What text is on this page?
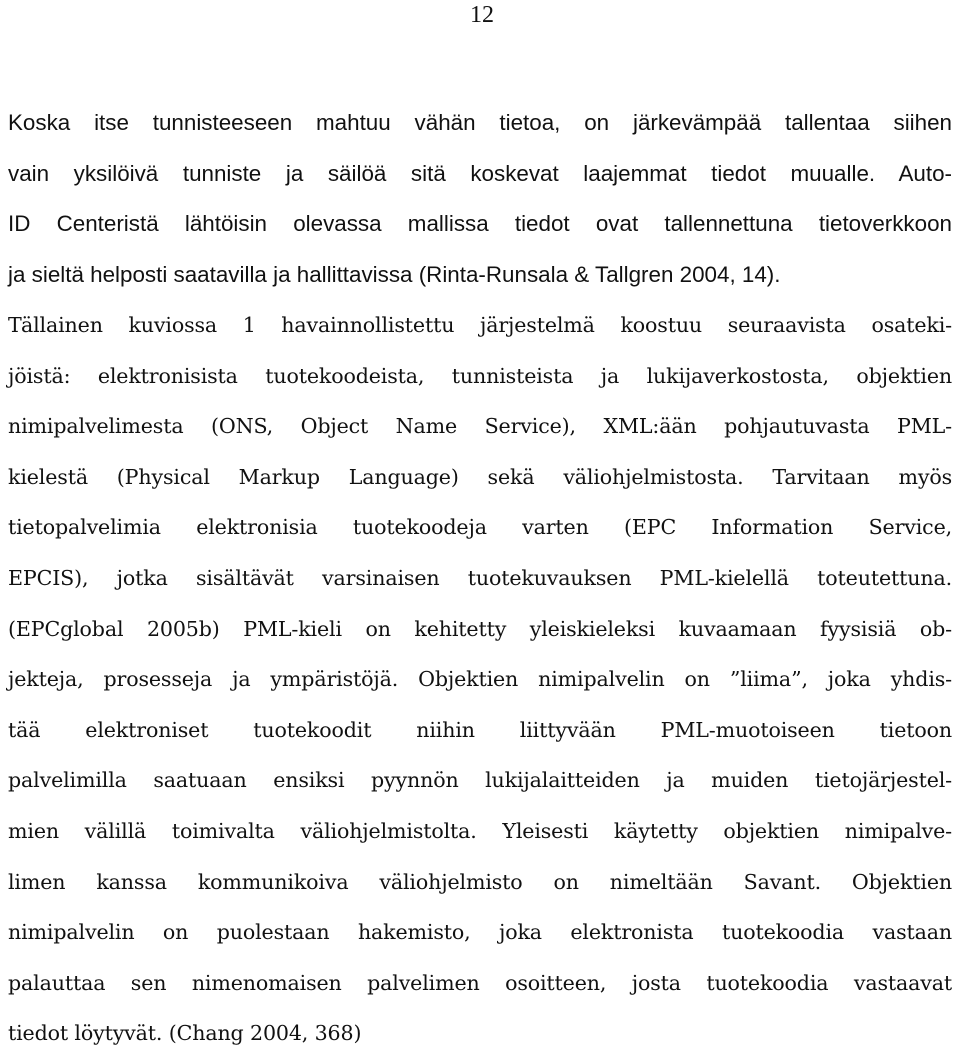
12
Koska itse tunnisteeseen mahtuu vähän tietoa, on järkevämpää tallentaa siihen
vain yksilöivä tunniste ja säilöä sitä koskevat laajemmat tiedot muualle. Auto-
ID Centeristä lähtöisin olevassa mallissa tiedot ovat tallennettuna tietoverkkoon
ja sieltä helposti saatavilla ja hallittavissa (Rinta-Runsala & Tallgren 2004, 14).
Tällainen kuviossa 1 havainnollistettu järjestelmä koostuu seuraavista osateki-
jöistä: elektronisista tuotekoodeista, tunnisteista ja lukijaverkostosta, objektien
nimipalvelimesta (ONS, Object Name Service), XML:ään pohjautuvasta PML-
kielestä (Physical Markup Language) sekä väliohjelmistosta. Tarvitaan myös
tietopalvelimia elektronisia tuotekoodeja varten (EPC Information Service,
EPCIS), jotka sisältävät varsinaisen tuotekuvauksen PML-kielellä toteutettuna.
(EPCglobal 2005b) PML-kieli on kehitetty yleiskieleksi kuvaamaan fyysisiä ob-
jekteja, prosesseja ja ympäristöjä. Objektien nimipalvelin on ”liima”, joka yhdis-
tää elektroniset tuotekoodit niihin liittyvään PML-muotoiseen tietoon
palvelimilla saatuaan ensiksi pyynnön lukijalaitteiden ja muiden tietojärjestel-
mien välillä toimivalta väliohjelmistolta. Yleisesti käytetty objektien nimipalve-
limen kanssa kommunikoiva väliohjelmisto on nimeltään Savant. Objektien
nimipalvelin on puolestaan hakemisto, joka elektronista tuotekoodia vastaan
palauttaa sen nimenomaisen palvelimen osoitteen, josta tuotekoodia vastaavat
tiedot löytyvät. (Chang 2004, 368)
